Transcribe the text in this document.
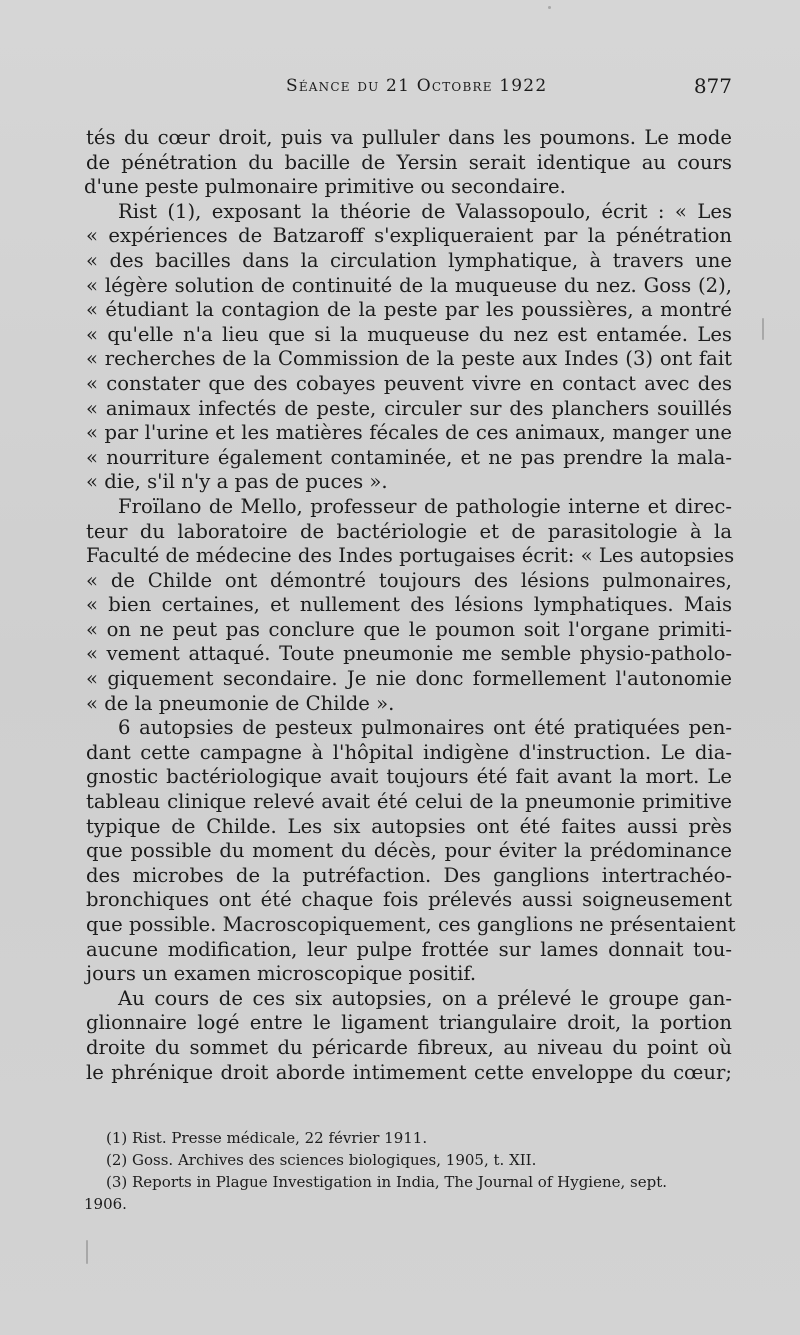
Séance du 21 Octobre 1922	877
tés du cœur droit, puis va pulluler dans les poumons. Le mode
de pénétration du bacille de Yersin serait identique au cours
d'une peste pulmonaire primitive ou secondaire.
Rist (1), exposant la théorie de Valassopoulo, écrit : « Les
« expériences de Batzaroff s'expliqueraient par la pénétration
« des bacilles dans la circulation lymphatique, à travers une
« légère solution de continuité de la muqueuse du nez. Goss (2),
« étudiant la contagion de la peste par les poussières, a montré
« qu'elle n'a lieu que si la muqueuse du nez est entamée. Les
« recherches de la Commission de la peste aux Indes (3) ont fait
« constater que des cobayes peuvent vivre en contact avec des
« animaux infectés de peste, circuler sur des planchers souillés
« par l'urine et les matières fécales de ces animaux, manger une
« nourriture également contaminée, et ne pas prendre la mala-
« die, s'il n'y a pas de puces ».
Froïlano de Mello, professeur de pathologie interne et direc-
teur du laboratoire de bactériologie et de parasitologie à la
Faculté de médecine des Indes portugaises écrit: « Les autopsies
« de Childe ont démontré toujours des lésions pulmonaires,
« bien certaines, et nullement des lésions lymphatiques. Mais
« on ne peut pas conclure que le poumon soit l'organe primiti-
« vement attaqué. Toute pneumonie me semble physio-patholo-
« giquement secondaire. Je nie donc formellement l'autonomie
« de la pneumonie de Childe ».
6 autopsies de pesteux pulmonaires ont été pratiquées pen-
dant cette campagne à l'hôpital indigène d'instruction. Le dia-
gnostic bactériologique avait toujours été fait avant la mort. Le
tableau clinique relevé avait été celui de la pneumonie primitive
typique de Childe. Les six autopsies ont été faites aussi près
que possible du moment du décès, pour éviter la prédominance
des microbes de la putréfaction. Des ganglions intertrachéo-
bronchiques ont été chaque fois prélevés aussi soigneusement
que possible. Macroscopiquement, ces ganglions ne présentaient
aucune modification, leur pulpe frottée sur lames donnait tou-
jours un examen microscopique positif.
Au cours de ces six autopsies, on a prélevé le groupe gan-
glionnaire logé entre le ligament triangulaire droit, la portion
droite du sommet du péricarde fibreux, au niveau du point où
le phrénique droit aborde intimement cette enveloppe du cœur;
(1) Rist. Presse médicale, 22 février 1911.
(2) Goss. Archives des sciences biologiques, 1905, t. XII.
(3) Reports in Plague Investigation in India, The Journal of Hygiene, sept.
1906.
